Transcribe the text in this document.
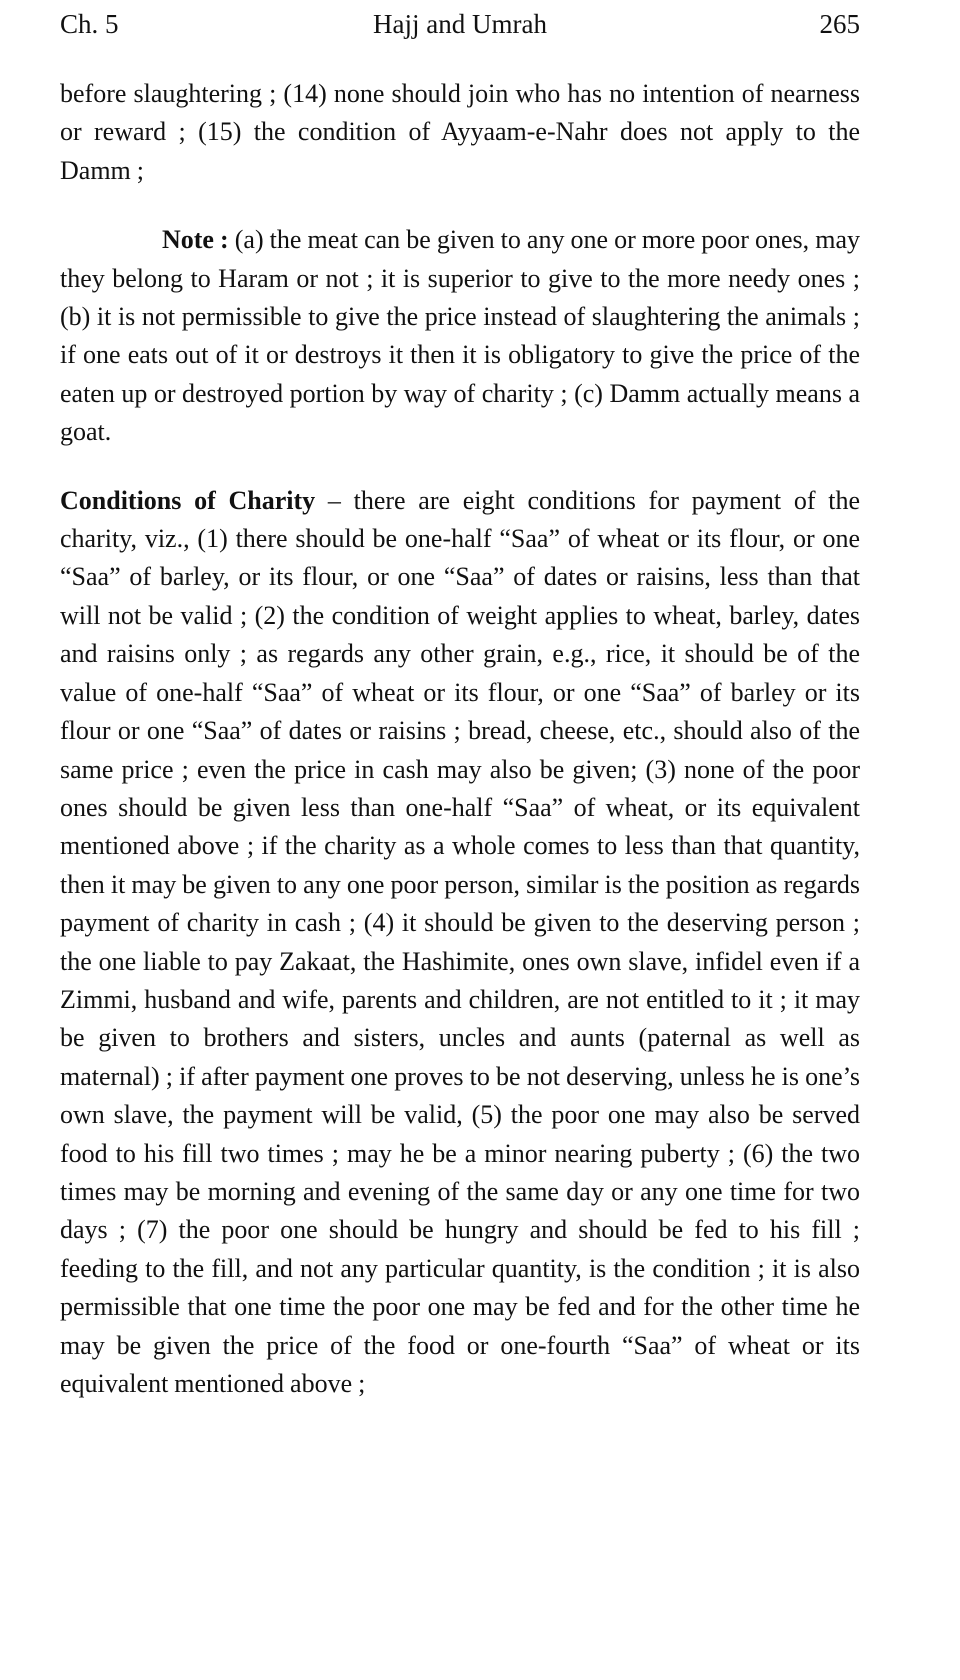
Ch. 5	Hajj and Umrah	265

before slaughtering ; (14) none should join who has no intention of nearness or reward ; (15) the condition of Ayyaam-e-Nahr does not apply to the Damm ;

Note : (a) the meat can be given to any one or more poor ones, may they belong to Haram or not ; it is superior to give to the more needy ones ; (b) it is not permissible to give the price instead of slaughtering the animals ; if one eats out of it or destroys it then it is obligatory to give the price of the eaten up or destroyed portion by way of charity ; (c) Damm actually means a goat.

Conditions of Charity – there are eight conditions for payment of the charity, viz., (1) there should be one-half “Saa” of wheat or its flour, or one “Saa” of barley, or its flour, or one “Saa” of dates or raisins, less than that will not be valid ; (2) the condition of weight applies to wheat, barley, dates and raisins only ; as regards any other grain, e.g., rice, it should be of the value of one-half “Saa” of wheat or its flour, or one “Saa” of barley or its flour or one “Saa” of dates or raisins ; bread, cheese, etc., should also of the same price ; even the price in cash may also be given; (3) none of the poor ones should be given less than one-half “Saa” of wheat, or its equivalent mentioned above ; if the charity as a whole comes to less than that quantity, then it may be given to any one poor person, similar is the position as regards payment of charity in cash ; (4) it should be given to the deserving person ; the one liable to pay Zakaat, the Hashimite, ones own slave, infidel even if a Zimmi, husband and wife, parents and children, are not entitled to it ; it may be given to brothers and sisters, uncles and aunts (paternal as well as maternal) ; if after payment one proves to be not deserving, unless he is one’s own slave, the payment will be valid, (5) the poor one may also be served food to his fill two times ; may he be a minor nearing puberty ; (6) the two times may be morning and evening of the same day or any one time for two days ; (7) the poor one should be hungry and should be fed to his fill ; feeding to the fill, and not any particular quantity, is the condition ; it is also permissible that one time the poor one may be fed and for the other time he may be given the price of the food or one-fourth “Saa” of wheat or its equivalent mentioned above ;
